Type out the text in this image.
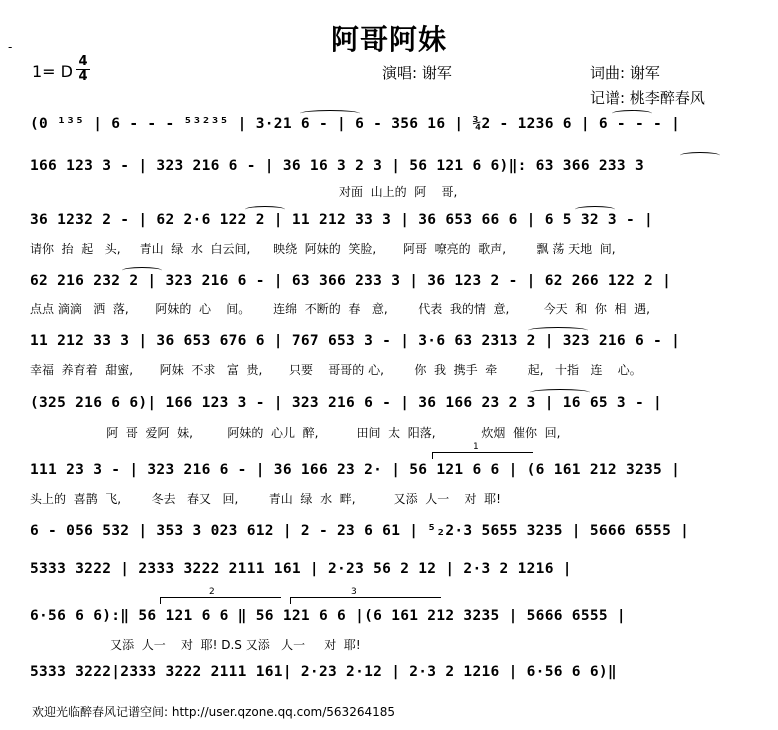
阿哥阿妹
-
1= D
4
4	演唱: 谢军	词曲: 谢军
记谱: 桃李醉春风
(0 ¹³⁵ | 6 - - - ⁵³²³⁵ | 3·21 6 - | 6 - 356 16 | ¾2 - 1236 6 | 6 - - - |
166 123 3 - | 323 216 6 - | 36 16 3 2 3 | 56 121 6 6)‖: 63 366 233 3
对面  山上的  阿    哥,
36 1232 2 - | 62 2·6 122 2 | 11 212 33 3 | 36 653 66 6 | 6 5 32 3 - |
请你  抬  起   头,     青山  绿  水  白云间,      映绕  阿妹的  笑脸,       阿哥  嘹亮的  歌声,        飘 荡 天地  间,
62 216 232 2 | 323 216 6 - | 63 366 233 3 | 36 123 2 - | 62 266 122 2 |
点点 滴滴   洒  落,       阿妹的  心    间。      连绵  不断的  春   意,        代表  我的情  意,         今天  和  你  相  遇,
11 212 33 3 | 36 653 676 6 | 767 653 3 - | 3·6 63 2313 2 | 323 216 6 - |
幸福  养育着  甜蜜,       阿妹  不求   富  贵,       只要    哥哥的 心,        你  我  携手  牵        起,   十指   连    心。
(325 216 6 6)| 166 123 3 - | 323 216 6 - | 36 166 23 2 3 | 16 65 3 - |
阿  哥  爱阿  妹,         阿妹的  心儿  醉,          田间  太  阳落,            炊烟  催你  回,
111 23 3 - | 323 216 6 - | 36 166 23 2· | 56 121 6 6 | (6 161 212 3235 |
头上的  喜鹊  飞,        冬去   春又   回,        青山  绿  水  畔,          又添  人一    对  耶!
6 - 056 532 | 353 3 023 612 | 2 - 23 6 61 | ⁵₂2·3 5655 3235 | 5666 6555 |
5333 3222 | 2333 3222 2111 161 | 2·23 56 2 12 | 2·3 2 1216 |
1
2	3
6·56 6 6):‖ 56 121 6 6 ‖ 56 121 6 6 |(6 161 212 3235 | 5666 6555 |
又添  人一    对  耶! D.S 又添   人一     对  耶!
5333 3222|2333 3222 2111 161| 2·23 2·12 | 2·3 2 1216 | 6·56 6 6)‖
欢迎光临醉春风记谱空间: http://user.qzone.qq.com/563264185
